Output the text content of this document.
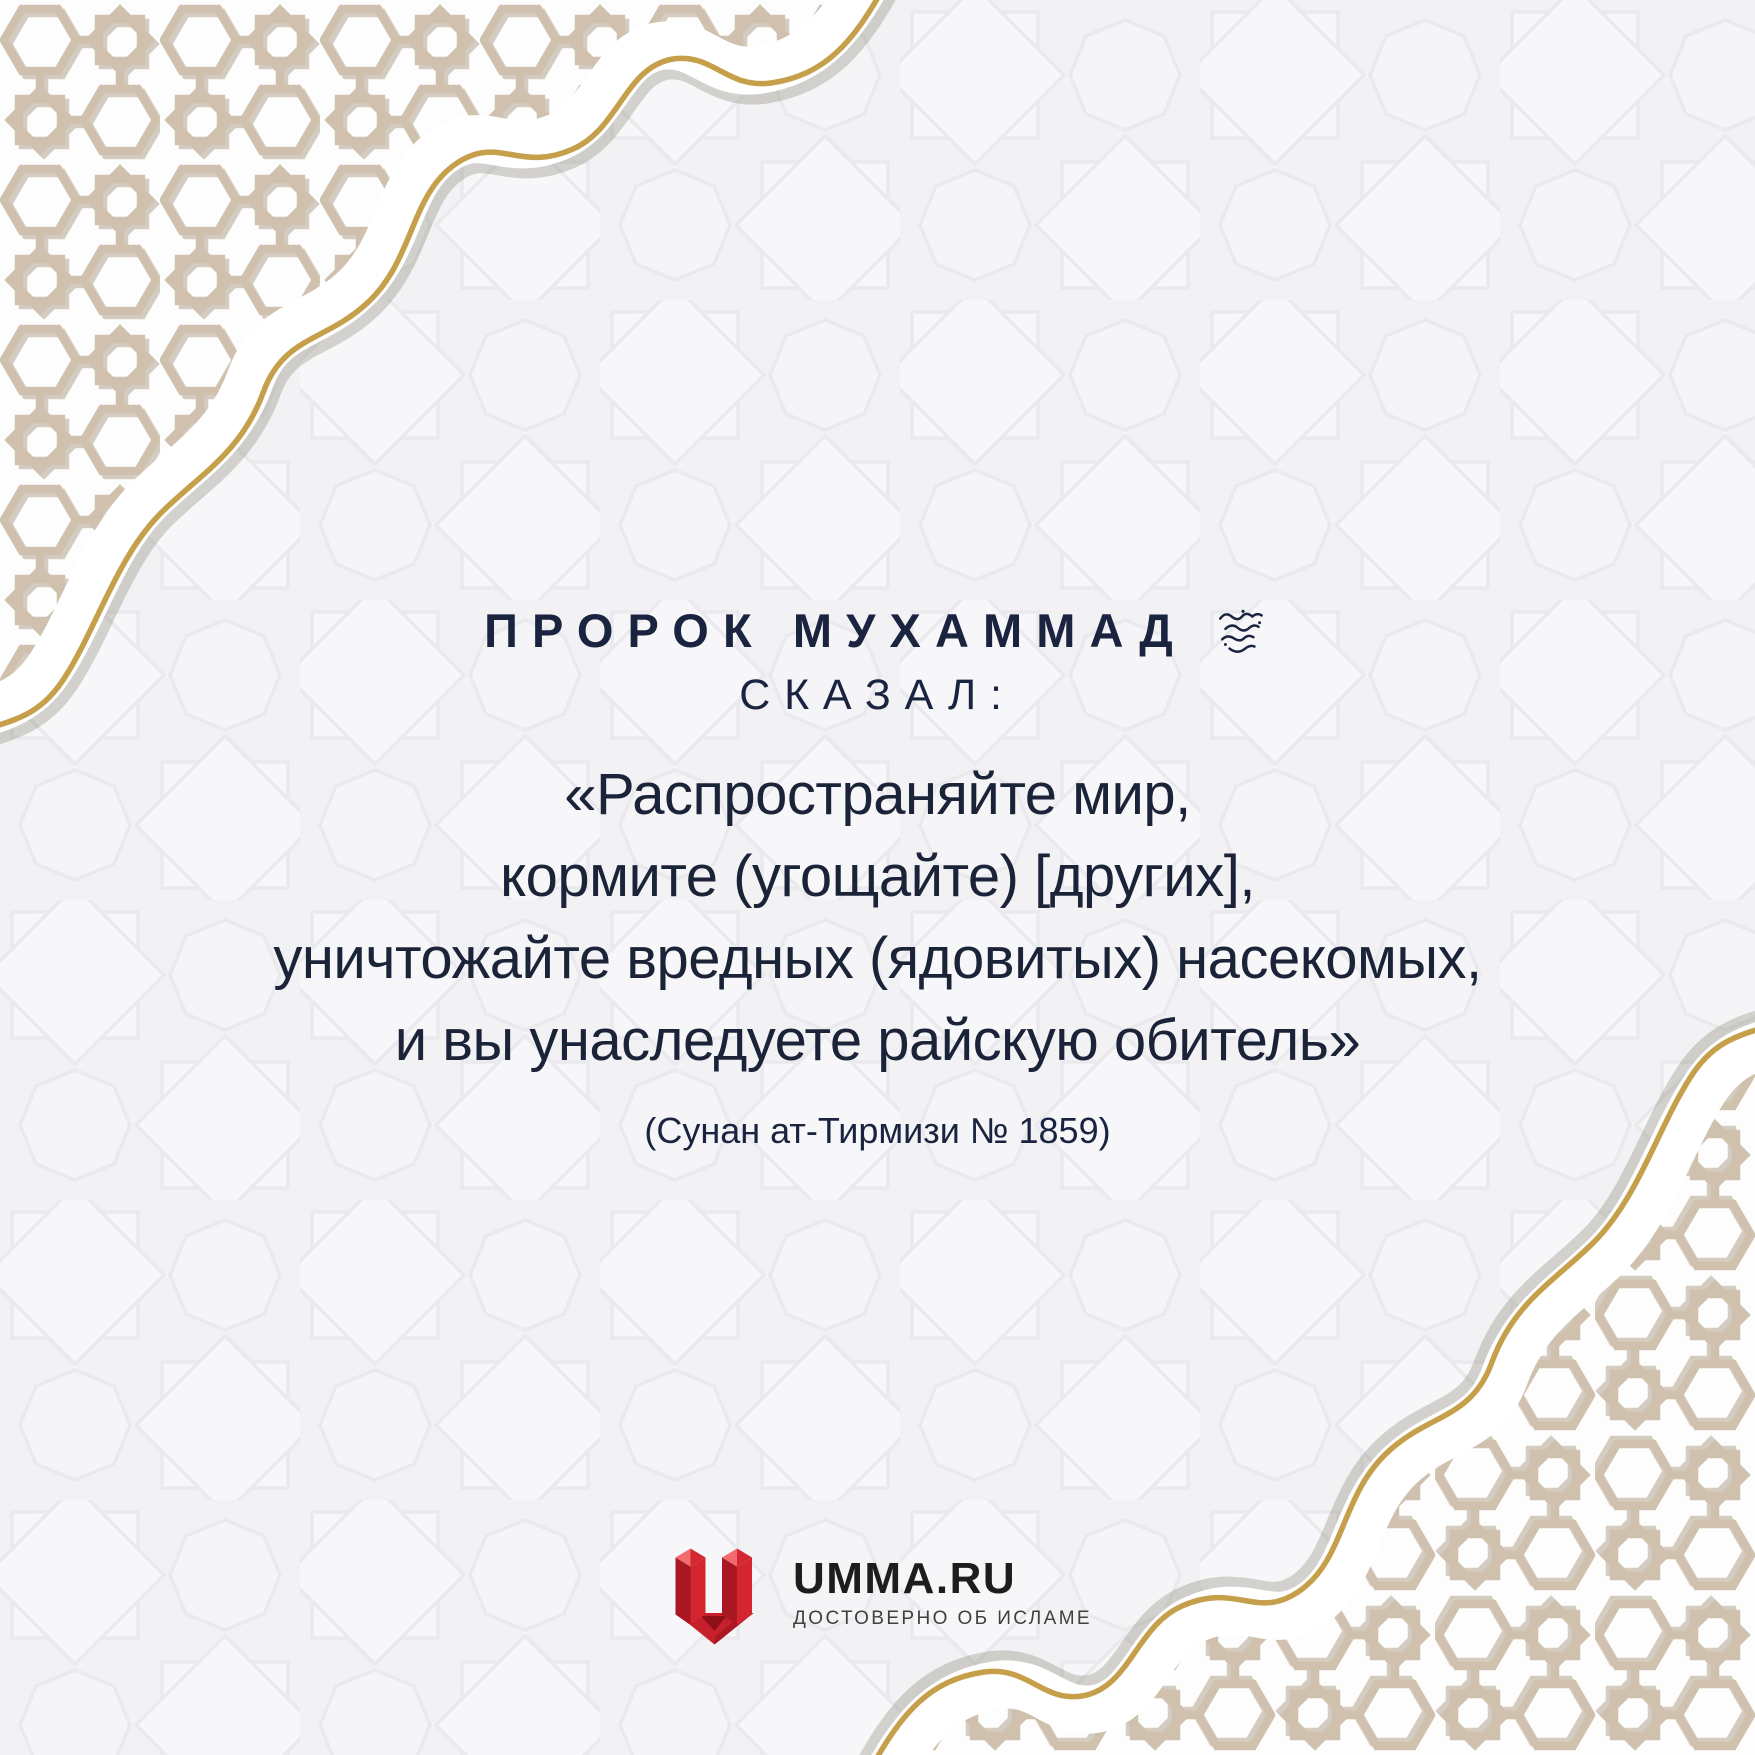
ПРОРОК МУХАММАД
СКАЗАЛ:
«Распространяйте мир,
кормите (угощайте) [других],
уничтожайте вредных (ядовитых) насекомых,
и вы унаследуете райскую обитель»
(Сунан ат-Тирмизи № 1859)
UMMA.RU
ДОСТОВЕРНО ОБ ИСЛАМЕ
